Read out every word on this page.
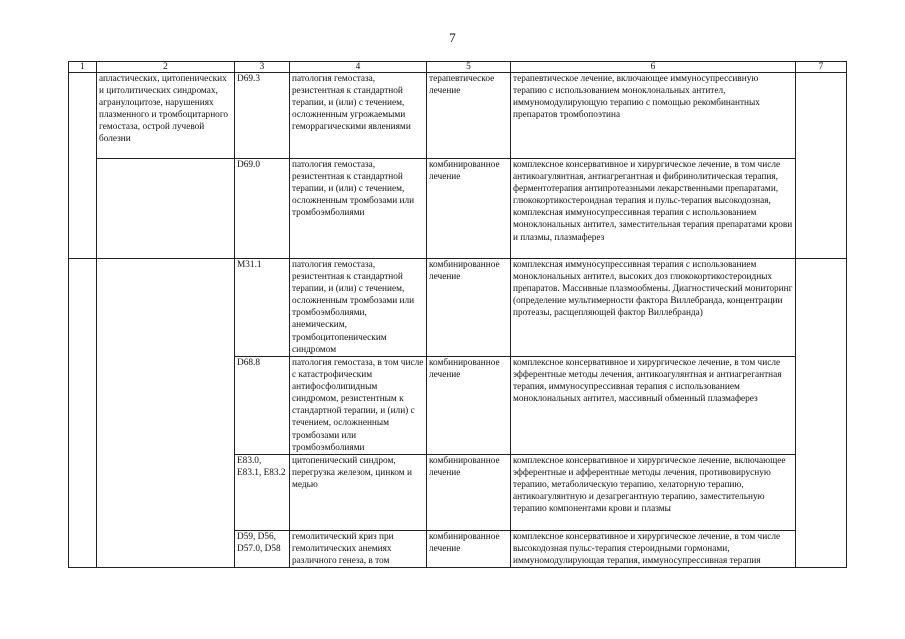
7
1	2	3	4	5	6	7
	апластических, цитопенических и цитолитических синдромах, агранулоцитозе, нарушениях плазменного и тромбоцитарного гемостаза, острой лучевой болезни	D69.3	патология гемостаза, резистентная к стандартной терапии, и (или) с течением, осложненным угрожаемыми геморрагическими явлениями	терапевтическое лечение	терапевтическое лечение, включающее иммуносупрессивную терапию с использованием моноклональных антител, иммуномодулирующую терапию с помощью рекомбинантных препаратов тромбопоэтина	
		D69.0	патология гемостаза, резистентная к стандартной терапии, и (или) с течением, осложненным тромбозами или тромбоэмболиями	комбинированное лечение	комплексное консервативное и хирургическое лечение, в том числе антикоагулянтная, антиагрегантная и фибринолитическая терапия, ферментотерапия антипротеазными лекарственными препаратами, глюкокортикостероидная терапия и пульс-терапия высокодозная, комплексная иммуносупрессивная терапия с использованием моноклональных антител, заместительная терапия препаратами крови и плазмы, плазмаферез	
		M31.1	патология гемостаза, резистентная к стандартной терапии, и (или) с течением, осложненным тромбозами или тромбоэмболиями, анемическим, тромбоцитопеническим синдромом	комбинированное лечение	комплексная иммуносупрессивная терапия с использованием моноклональных антител, высоких доз глюкокортикостероидных препаратов. Массивные плазмообмены. Диагностический мониторинг (определение мультимерности фактора Виллебранда, концентрации протеазы, расщепляющей фактор Виллебранда)	
		D68.8	патология гемостаза, в том числе с катастрофическим антифосфолипидным синдромом, резистентным к стандартной терапии, и (или) с течением, осложненным тромбозами или тромбоэмболиями	комбинированное лечение	комплексное консервативное и хирургическое лечение, в том числе эфферентные методы лечения, антикоагулянтная и антиагрегантная терапия, иммуносупрессивная терапия с использованием моноклональных антител, массивный обменный плазмаферез	
		E83.0, E83.1, E83.2	цитопенический синдром, перегрузка железом, цинком и медью	комбинированное лечение	комплексное консервативное и хирургическое лечение, включающее эфферентные и афферентные методы лечения, противовирусную терапию, метаболическую терапию, хелаторную терапию, антикоагулянтную и дезагрегантную терапию, заместительную терапию компонентами крови и плазмы	

		D59, D56, D57.0, D58	гемолитический криз при гемолитических анемиях различного генеза, в том	комбинированное лечение	комплексное консервативное и хирургическое лечение, в том числе высокодозная пульс-терапия стероидными гормонами, иммуномодулирующая терапия, иммуносупрессивная терапия	
